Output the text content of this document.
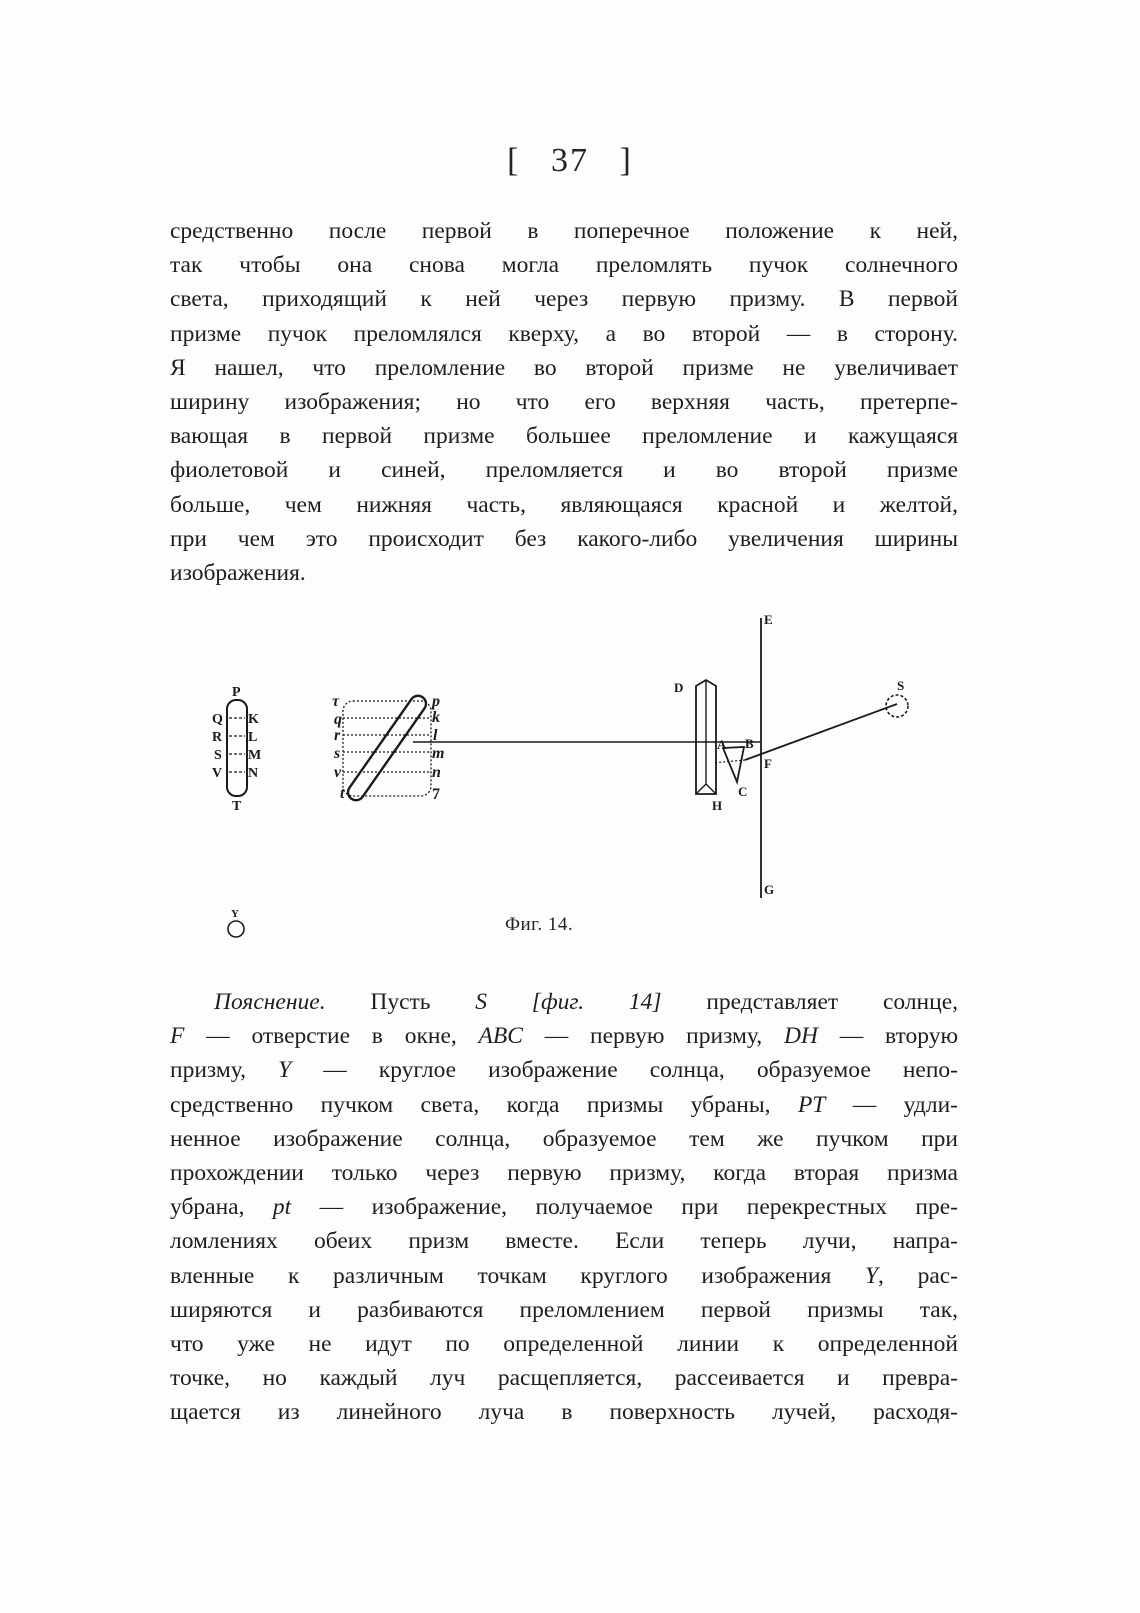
[ 37 ]
средственно после первой в поперечное положение к ней,
так чтобы она снова могла преломлять пучок солнечного
света, приходящий к ней через первую призму. В первой
призме пучок преломлялся кверху, а во второй — в сторону.
Я нашел, что преломление во второй призме не увеличивает
ширину изображения; но что его верхняя часть, претерпе-
вающая в первой призме большее преломление и кажущаяся
фиолетовой и синей, преломляется и во второй призме
больше, чем нижняя часть, являющаяся красной и желтой,
при чем это происходит без какого-либо увеличения ширины
изображения.
P
T
Q
R
S
V
K
L
M
N
τ
q
r
s
v
t
p
k
l
m
n
7
D
H
A B
C
E
F
G
S
Y	Фиг. 14.
Пояснение. Пусть S [фиг. 14] представляет солнце,
F — отверстие в окне, ABC — первую призму, DH — вторую
призму, Y — круглое изображение солнца, образуемое непо-
средственно пучком света, когда призмы убраны, PT — удли-
ненное изображение солнца, образуемое тем же пучком при
прохождении только через первую призму, когда вторая призма
убрана, pt — изображение, получаемое при перекрестных пре-
ломлениях обеих призм вместе. Если теперь лучи, напра-
вленные к различным точкам круглого изображения Y, рас-
ширяются и разбиваются преломлением первой призмы так,
что уже не идут по определенной линии к определенной
точке, но каждый луч расщепляется, рассеивается и превра-
щается из линейного луча в поверхность лучей, расходя-
